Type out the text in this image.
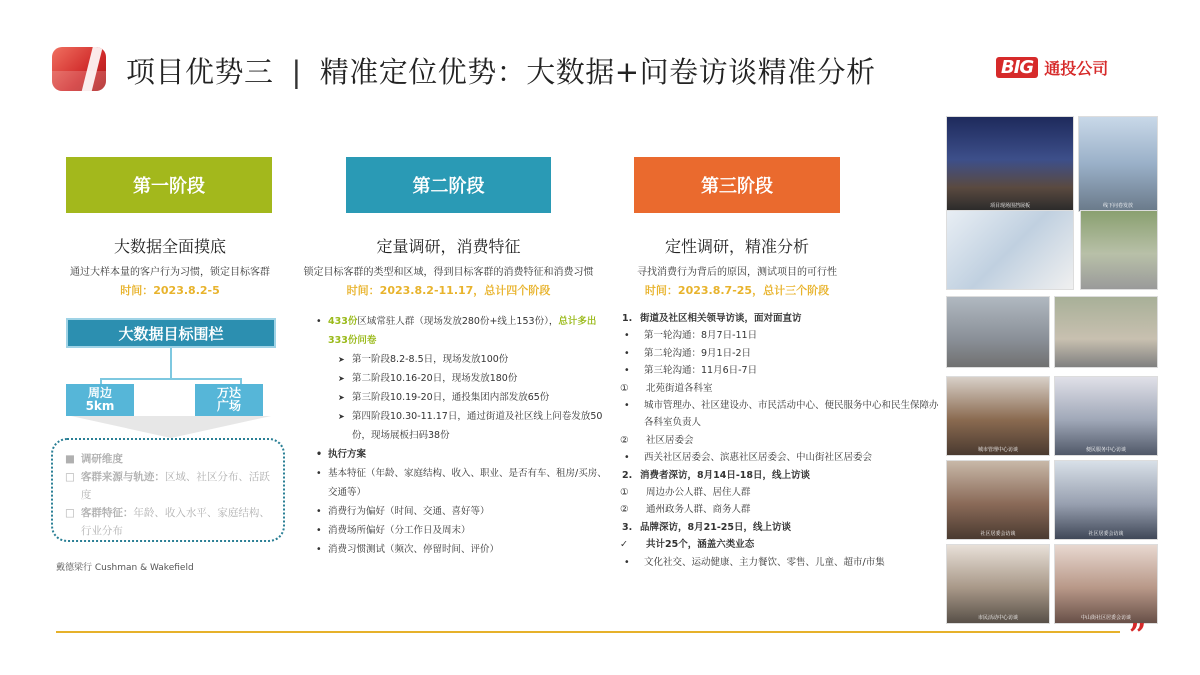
项目优势三 | 精准定位优势：大数据+问卷访谈精准分析	BIG 通投公司
第一阶段
大数据全面摸底
通过大样本量的客户行为习惯，锁定目标客群
时间：2023.8.2-5
大数据目标围栏
周边
5km
万达
广场
■ 调研维度
□ 客群来源与轨迹：区域、社区分布、活跃度
□ 客群特征：年龄、收入水平、家庭结构、行业分布
戴德梁行 Cushman & Wakefield
第二阶段
定量调研，消费特征
锁定目标客群的类型和区域，得到目标客群的消费特征和消费习惯
时间：2023.8.2-11.17，总计四个阶段
• 433份区域常驻人群（现场发放280份+线上153份），总计多出333份问卷
➤ 第一阶段8.2-8.5日，现场发放100份
➤ 第二阶段10.16-20日，现场发放180份
➤ 第三阶段10.19-20日，通投集团内部发放65份
➤ 第四阶段10.30-11.17日，通过街道及社区线上问卷发放50份，现场展板扫码38份
• 执行方案
• 基本特征（年龄、家庭结构、收入、职业、是否有车、租房/买房、交通等）
• 消费行为偏好（时间、交通、喜好等）
• 消费场所偏好（分工作日及周末）
• 消费习惯测试（频次、停留时间、评价）
第三阶段
定性调研，精准分析
寻找消费行为背后的原因，测试项目的可行性
时间：2023.8.7-25，总计三个阶段
1. 街道及社区相关领导访谈，面对面直访
• 第一轮沟通：8月7日-11日
• 第二轮沟通：9月1日-2日
• 第三轮沟通：11月6日-7日
① 北苑街道各科室
• 城市管理办、社区建设办、市民活动中心、便民服务中心和民生保障办各科室负责人
② 社区居委会
• 西关社区居委会、滨惠社区居委会、中山街社区居委会
2. 消费者深访，8月14日-18日，线上访谈
① 周边办公人群、居住人群
② 通州政务人群、商务人群
3. 品牌深访，8月21-25日，线上访谈
✓ 共计25个，涵盖六类业态
• 文化社交、运动健康、主力餐饮、零售、儿童、超市/市集
项目现场围挡展板	线下问卷发放
城市管理中心访谈	便民服务中心访谈
社区居委会访谈	社区居委会访谈
市民活动中心访谈	中山街社区居委会访谈
”
